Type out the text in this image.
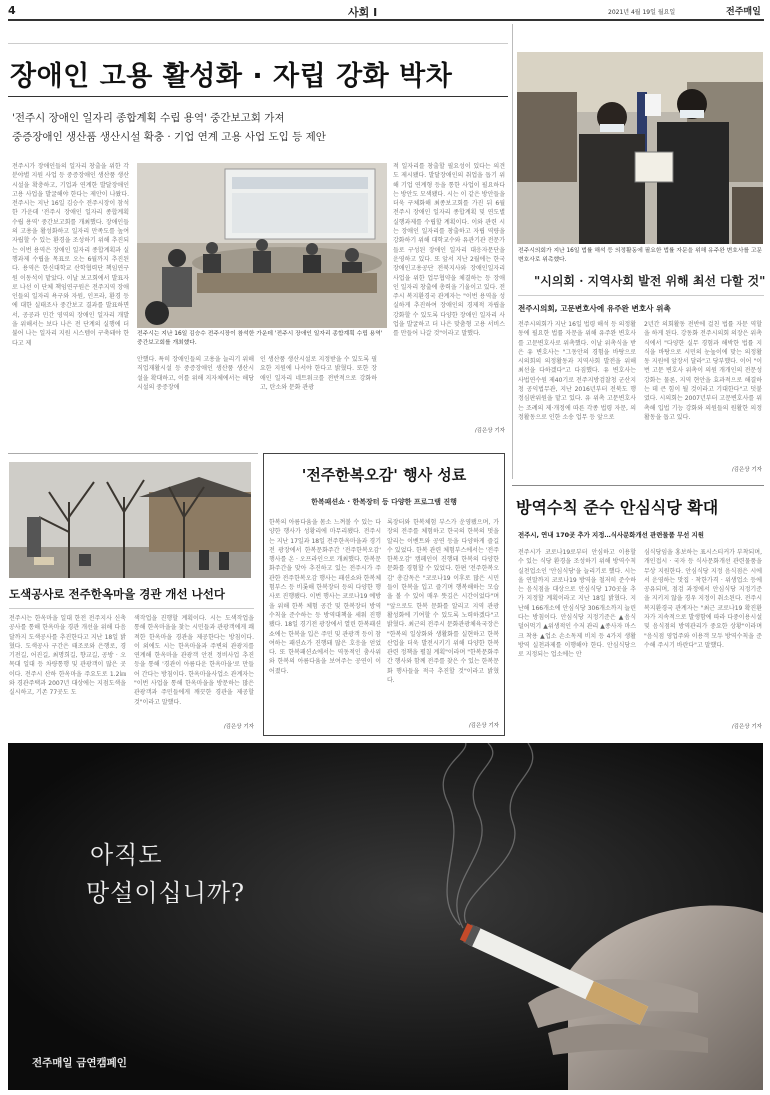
4	사회 Ⅰ	2021년 4월 19일 월요일	전주매일
장애인 고용 활성화 · 자립 강화 박차
'전주시 장애인 일자리 종합계획 수립 용역' 중간보고회 가져
중증장애인 생산품 생산시설 확충 · 기업 연계 고용 사업 도입 등 제안
전주시가 장애인들의 일자리 창출을 위한 각 분야별 지원 사업 등 중증장애인 생산품 생산시설을 확충하고, 기업과 연계한 발달장애인 고용 사업을 발굴해야 한다는 제안이 나왔다. 전주시는 지난 16일 김승수 전주시장이 참석한 가운데 '전주시 장애인 일자리 종합계획 수립 용역' 중간보고회를 개최했다. 장애인들의 고용을 활성화하고 일자리 만족도를 높여 자립할 수 있는 환경을 조성하기 위해 추진되는 이번 용역은 장애인 일자리 종합계획과 실행과제 수립을 목표로 오는 6월까지 추진된다. 용역은 한신대학교 산학협력단 책임연구원 이동석이 맡았다. 이날 보고회에서 발표자로 나선 이 단체 책임연구원은 전주지역 장애인들의 일자리 욕구와 자원, 인프라, 환경 등에 대한 실태조사 중간보고 결과를 발표하면서, 공공과 민간 영역의 장애인 일자리 개발을 위해서는 보다 나은 전 단계의 실행에 더불어 나는 일자리 지원 시스템이 구축돼야 한다고 제
전주시는 지난 16일 김승수 전주시장이 참석한 가운데 '전주시 장애인 일자리 종합계획 수립 용역' 중간보고회를 개최했다.
안했다. 특히 장애인들의 고용을 늘리기 위해 직업재활시설 등 중증장애인 생산품 생산시설을 확대하고, 이를 위해 지자체에서는 해당 시설의 중증장애
인 생산품 생산시설로 지정받을 수 있도록 필요한 지원에 나서야 한다고 밝혔다. 또한 장애인 일자리 네트워크를 전반적으로 강화하고, 탄소와 문화 관광
적 일자리를 창출할 필요성이 있다는 의견도 제시됐다. 발달장애인의 취업을 돕기 위해 기업 연계형 등을 통한 사업이 필요하다는 방안도 모색됐다. 시는 이 같은 방안들을 더욱 구체화해 최종보고회를 가진 뒤 6월 전주시 장애인 일자리 종합계획 및 연도별 실행과제를 수립할 계획이다. 이와 관련 시는 장애인 일자리를 창출하고 자립 역량을 강화하기 위해 대학교수와 유관기관 전문가들로 구성된 장애인 일자리 대응자문단을 운영하고 있다. 또 앞서 지난 2월에는 한국장애인고용공단 전북지사와 장애인일자리사업을 위한 업무협약을 체결하는 등 장애인 일자리 창출에 총력을 기울이고 있다. 전주시 복지환경국 관계자는 "이번 용역을 성실하게 추진하여 장애인의 경제적 자립을 강화할 수 있도록 다양한 장애인 일자리 사업을 발굴하고 더 나은 맞춤형 고용 서비스를 만들어 나갈 것"이라고 말했다.
/김은상 기자
전주시의회가 지난 16일 법률 해석 등 의정활동에 필요한 법률 자문을 위해 유주완 변호사를 고문변호사로 위촉했다.
"시의회 · 지역사회 발전 위해 최선 다할 것"
전주시의회, 고문변호사에 유주완 변호사 위촉
전주시의회가 지난 16일 법령 해석 등 의정활동에 필요한 법률 자문을 위해 유주완 변호사를 고문변호사로 위촉했다. 이날 위촉식을 받은 유 변호사는 "그동안의 경험을 바탕으로 시의회의 의정활동과 지역사회 발전을 위해 최선을 다하겠다"고 다짐했다. 유 변호사는 사법연수원 제40기로 전주지방검찰청 군산지청 공익법무관, 지난 2016년부터 전북도 행정심판위원을 맡고 있다. 유 위촉 고문변호사는 조례의 제·개정에 따른 각종 법령 자문, 의정활동으로 인한 소송 업무 등 앞으로
2년간 의회활동 전반에 걸친 법률 자문 역할을 하게 된다. 강동화 전주시의회 의장은 위촉식에서 "다양한 실무 경험과 해박한 법률 지식을 바탕으로 시민의 눈높이에 맞는 의정활동 지원에 앞장서 달라"고 당부했다. 이어 "이번 고문 변호사 위촉이 의원 개개인의 전문성 강화는 물론, 지역 현안을 효과적으로 해결하는 데 큰 힘이 될 것이라고 기대한다"고 덧붙였다. 시의회는 2007년부터 고문변호사를 위촉해 입법 기능 강화와 의원들의 원활한 의정활동을 돕고 있다.
/김은상 기자
도색공사로 전주한옥마을 경관 개선 나선다
전주시는 한옥마을 일대 한전 전주지사 신축공사를 통해 한옥마을 경관 개선을 위해 다음 달까지 도색공사를 추진한다고 지난 18일 밝혔다. 도색공사 구간은 태조로와 은행로, 경기전길, 어진길, 최명희길, 향교길, 공방 · 오목대 일대 등 차량통행 및 관광객이 많은 곳이다. 전주시 산하 한옥마을 주요도로 1.2㎞와 경관주택과 2007년 대상에는 지점도색을 실시하고, 기존 77곳도 도
색작업을 진행할 계획이다. 시는 도색작업을 통해 한옥마을을 찾는 시민들과 관광객에게 쾌적한 한옥마을 경관을 제공한다는 방침이다. 이 외에도 시는 한옥마을과 주변의 관광지를 연계해 한옥마을 관광객 안전 정비사업 추진 등을 통해 '경관이 아름다운 한옥마을'로 만들어 간다는 방침이다. 한옥마을사업소 관계자는 "이번 사업을 통해 한옥마을을 방문하는 많은 관광객과 주민들에게 깨끗한 경관을 제공할 것"이라고 말했다.
/김은상 기자
'전주한복오감' 행사 성료
한복패션쇼 · 한복장터 등 다양한 프로그램 진행
한복의 아름다움을 몸소 느껴볼 수 있는 다양한 행사가 성황리에 마무리됐다. 전주시는 지난 17일과 18일 전주한옥마을과 경기전 광장에서 한복문화주간 '전주한복오감' 행사를 온 · 오프라인으로 개최했다. 한복문화주간을 맞아 추진하고 있는 전주시가 주관한 전주한복오감 행사는 패션쇼와 한복체험부스 등 비롯해 한복장터 등의 다양한 행사로 진행됐다. 이번 행사는 코로나19 예방을 위해 한복 체험 공간 및 한복장터 방역 수칙을 준수하는 등 방역대책을 세워 진행됐다. 18일 경기전 광장에서 열린 한복패션쇼에는 한복을 입은 주민 및 관광객 등이 참여하는 패션쇼가 진행돼 많은 호응을 얻었다. 또 한복패션쇼에서는 역동적인 춤사위와 한복의 아름다움을 보여주는 공연이 이어졌다.
록장터와 한복체험 부스가 운영됐으며, 가장의 전주를 체험하고 한국의 한복의 멋을 알리는 이벤트와 공연 등을 다양하게 즐길 수 있었다. 한복 관련 체험부스에서는 '전주 한복오감' 캠페인이 진행돼 한복의 다양한 문화를 경험할 수 있었다. 한편 '전주한복오감' 총감독은 "코로나19 이후로 많은 시민들이 한복을 입고 즐기며 행복해하는 모습을 볼 수 있어 매우 뜻깊은 시간이었다"며 "앞으로도 한복 문화를 알리고 지역 관광 활성화에 기여할 수 있도록 노력하겠다"고 밝혔다. 최근의 전주시 문화관광체육국장은 "한복의 일상화와 생활화를 실현하고 한복산업을 더욱 발전시키기 위해 다양한 한복 관련 정책을 펼칠 계획"이라며 "한복문화주간 행사와 함께 전주를 찾은 수 있는 한복문화 행사들을 적극 추진할 것"이라고 밝혔다.
/김은상 기자
방역수칙 준수 안심식당 확대
전주시, 연내 170곳 추가 지정…식사문화개선 관련물품 무선 지원
전주시가 코로나19로부터 안심하고 이용할 수 있는 식당 환경을 조성하기 위해 방역수칙 실천업소인 '안심식당'을 늘리기로 했다. 시는 올 연말까지 코로나19 방역을 철저히 준수하는 음식점을 대상으로 안심식당 170곳을 추가 지정할 계획이라고 지난 18일 밝혔다. 지난해 166개소에 안심식당 306개소까지 늘린다는 방침이다. 안심식당 지정기준은 ▲음식 덜어먹기 ▲위생적인 수저 관리 ▲종사자 마스크 착용 ▲업소 손소독제 비치 등 4가지 생활방역 실천과제를 이행해야 한다. 안심식당으로 지정되는 업소에는 안
심식당임을 홍보하는 표시스티커가 부착되며, 개인접시 · 국자 등 식사문화개선 관련물품을 무상 지원한다. 안심식당 지정 음식점은 시에서 운영하는 맛집 · 착한가격 · 위생업소 등에 공유되며, 점검 과정에서 안심식당 지정기준을 지키지 않을 경우 지정이 취소된다. 전주시 복지환경국 관계자는 "최근 코로나19 확진환자가 지속적으로 발생함에 따라 다중이용시설 및 음식점의 방역관리가 중요한 상황"이라며 "음식점 영업주와 이용객 모두 방역수칙을 준수해 주시기 바란다"고 말했다.
/김은상 기자
아직도
망설이십니까?
전주매일 금연캠페인
